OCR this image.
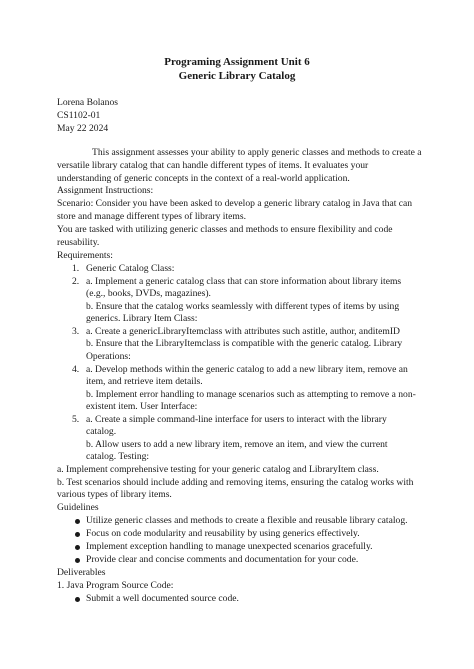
Programing Assignment Unit 6
Generic Library Catalog
Lorena Bolanos
CS1102-01
May 22 2024
This assignment assesses your ability to apply generic classes and methods to create a
versatile library catalog that can handle different types of items. It evaluates your
understanding of generic concepts in the context of a real-world application.
Assignment Instructions:
Scenario: Consider you have been asked to develop a generic library catalog in Java that can
store and manage different types of library items.
You are tasked with utilizing generic classes and methods to ensure flexibility and code
reusability.
Requirements:
1. Generic Catalog Class:
2. a. Implement a generic catalog class that can store information about library items
(e.g., books, DVDs, magazines).
b. Ensure that the catalog works seamlessly with different types of items by using
generics. Library Item Class:
3. a. Create a genericLibraryItemclass with attributes such astitle, author, anditemID
b. Ensure that the LibraryItemclass is compatible with the generic catalog. Library
Operations:
4. a. Develop methods within the generic catalog to add a new library item, remove an
item, and retrieve item details.
b. Implement error handling to manage scenarios such as attempting to remove a non-
existent item. User Interface:
5. a. Create a simple command-line interface for users to interact with the library
catalog.
b. Allow users to add a new library item, remove an item, and view the current
catalog. Testing:
a. Implement comprehensive testing for your generic catalog and LibraryItem class.
b. Test scenarios should include adding and removing items, ensuring the catalog works with
various types of library items.
Guidelines
Utilize generic classes and methods to create a flexible and reusable library catalog.
Focus on code modularity and reusability by using generics effectively.
Implement exception handling to manage unexpected scenarios gracefully.
Provide clear and concise comments and documentation for your code.
Deliverables
1. Java Program Source Code:
Submit a well documented source code.
